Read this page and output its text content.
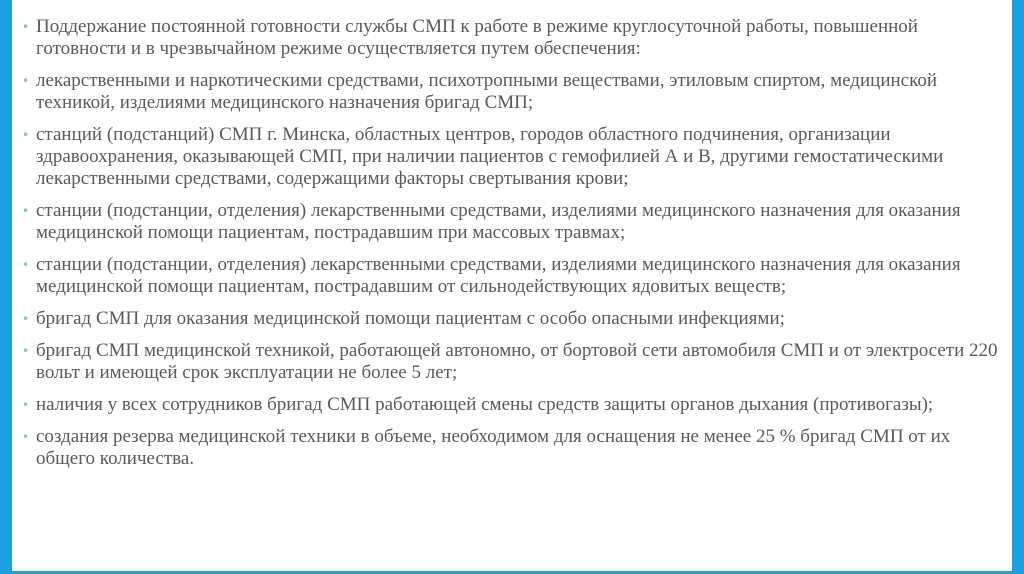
• Поддержание постоянной готовности службы СМП к работе в режиме круглосуточной работы, повышенной готовности и в чрезвычайном режиме осуществляется путем обеспечения:
• лекарственными и наркотическими средствами, психотропными веществами, этиловым спиртом, медицинской техникой, изделиями медицинского назначения бригад СМП;
• станций (подстанций) СМП г. Минска, областных центров, городов областного подчинения, организации здравоохранения, оказывающей СМП, при наличии пациентов с гемофилией А и В, другими гемостатическими лекарственными средствами, содержащими факторы свертывания крови;
• станции (подстанции, отделения) лекарственными средствами, изделиями медицинского назначения для оказания медицинской помощи пациентам, пострадавшим при массовых травмах;
• станции (подстанции, отделения) лекарственными средствами, изделиями медицинского назначения для оказания медицинской помощи пациентам, пострадавшим от сильнодействующих ядовитых веществ;
• бригад СМП для оказания медицинской помощи пациентам с особо опасными инфекциями;
• бригад СМП медицинской техникой, работающей автономно, от бортовой сети автомобиля СМП и от электросети 220 вольт и имеющей срок эксплуатации не более 5 лет;
• наличия у всех сотрудников бригад СМП работающей смены средств защиты органов дыхания (противогазы);
• создания резерва медицинской техники в объеме, необходимом для оснащения не менее 25 % бригад СМП от их общего количества.
